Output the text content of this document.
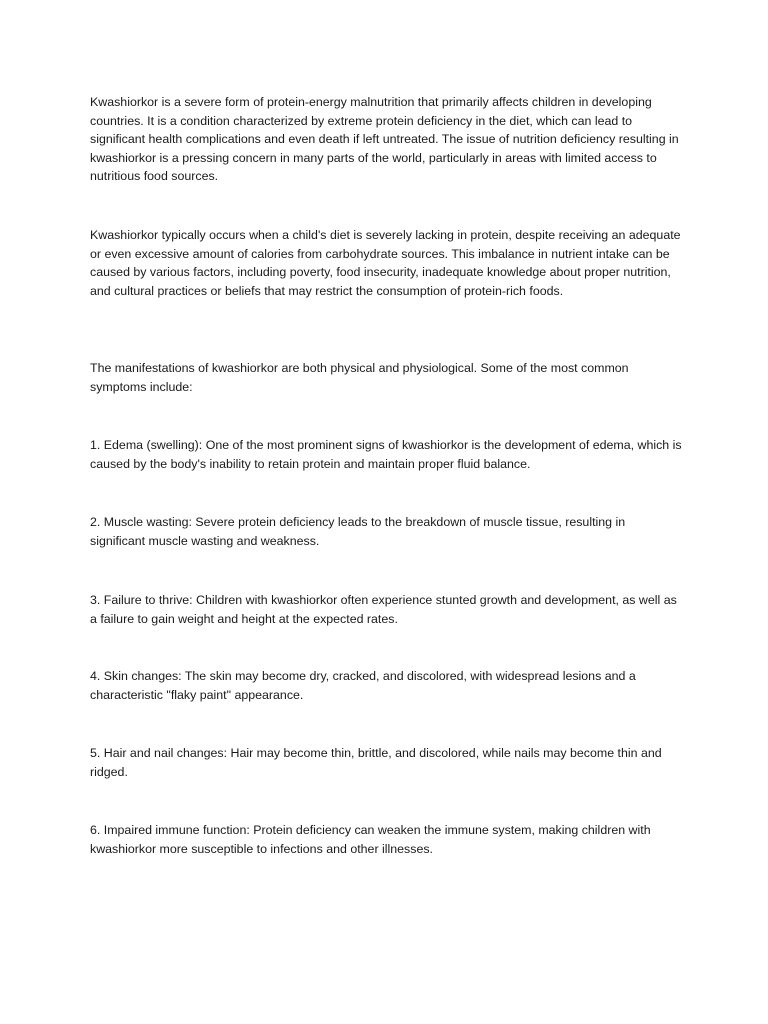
Kwashiorkor is a severe form of protein-energy malnutrition that primarily affects children in developing countries. It is a condition characterized by extreme protein deficiency in the diet, which can lead to significant health complications and even death if left untreated. The issue of nutrition deficiency resulting in kwashiorkor is a pressing concern in many parts of the world, particularly in areas with limited access to nutritious food sources.

Kwashiorkor typically occurs when a child's diet is severely lacking in protein, despite receiving an adequate or even excessive amount of calories from carbohydrate sources. This imbalance in nutrient intake can be caused by various factors, including poverty, food insecurity, inadequate knowledge about proper nutrition, and cultural practices or beliefs that may restrict the consumption of protein-rich foods.

The manifestations of kwashiorkor are both physical and physiological. Some of the most common symptoms include:

1. Edema (swelling): One of the most prominent signs of kwashiorkor is the development of edema, which is caused by the body's inability to retain protein and maintain proper fluid balance.

2. Muscle wasting: Severe protein deficiency leads to the breakdown of muscle tissue, resulting in significant muscle wasting and weakness.

3. Failure to thrive: Children with kwashiorkor often experience stunted growth and development, as well as a failure to gain weight and height at the expected rates.

4. Skin changes: The skin may become dry, cracked, and discolored, with widespread lesions and a characteristic "flaky paint" appearance.

5. Hair and nail changes: Hair may become thin, brittle, and discolored, while nails may become thin and ridged.

6. Impaired immune function: Protein deficiency can weaken the immune system, making children with kwashiorkor more susceptible to infections and other illnesses.
